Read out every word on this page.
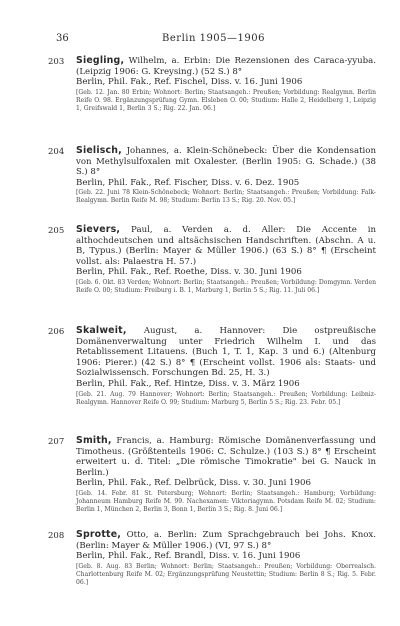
36	Berlin 1905—1906
203 Siegling, Wilhelm, a. Erbin: Die Rezensionen des Caraca-yyuba. (Leipzig 1906: G. Kreysing.) (52 S.) 8°

Berlin, Phil. Fak., Ref. Fischel, Diss. v. 16. Juni 1906

[Geb. 12. Jan. 80 Erbin; Wohnort: Berlin; Staatsangeh.: Preußen; Vorbildung: Realgymn. Berlin Reife O. 98. Ergänzungsprüfung Gymn. Elsleben O. 00; Studium: Halle 2, Heidelberg 1, Leipzig 1, Greifswald 1, Berlin 3 S.; Rig. 22. Jan. 06.]

204 Sielisch, Johannes, a. Klein-Schönebeck: Über die Kondensation von Methylsulfoxalen mit Oxalester. (Berlin 1905: G. Schade.) (38 S.) 8°

Berlin, Phil. Fak., Ref. Fischer, Diss. v. 6. Dez. 1905

[Geb. 22. Juni 78 Klein-Schönebeck; Wohnort: Berlin; Staatsangeh.: Preußen; Vorbildung: Falk-Realgymn. Berlin Reife M. 98; Studium: Berlin 13 S.; Rig. 20. Nov. 05.]

205 Sievers, Paul, a. Verden a. d. Aller: Die Accente in althochdeutschen und altsächsischen Handschriften. (Abschn. A u. B, Typus.) (Berlin: Mayer & Müller 1906.) (63 S.) 8° ¶ (Erscheint vollst. als: Palaestra H. 57.)

Berlin, Phil. Fak., Ref. Roethe, Diss. v. 30. Juni 1906

[Geb. 6. Okt. 83 Verden; Wohnort: Berlin; Staatsangeh.: Preußen; Vorbildung: Domgymn. Verden Reife O. 00; Studium: Freiburg i. B. 1, Marburg 1, Berlin 5 S.; Rig. 11. Juli 06.]

206 Skalweit, August, a. Hannover: Die ostpreußische Domänenverwaltung unter Friedrich Wilhelm I. und das Retablissement Litauens. (Buch 1, T. 1, Kap. 3 und 6.) (Altenburg 1906: Pierer.) (42 S.) 8° ¶ (Erscheint vollst. 1906 als: Staats- und Sozialwissensch. Forschungen Bd. 25, H. 3.)

Berlin, Phil. Fak., Ref. Hintze, Diss. v. 3. März 1906

[Geb. 21. Aug. 79 Hannover; Wohnort: Berlin; Staatsangeh.: Preußen; Vorbildung: Leibniz-Realgymn. Hannover Reife O. 99; Studium: Marburg 5, Berlin 5 S.; Rig. 23. Febr. 05.]

207 Smith, Francis, a. Hamburg: Römische Domänenverfassung und Timotheus. (Größtenteils 1906: C. Schulze.) (103 S.) 8° ¶ Erscheint erweitert u. d. Titel: „Die römische Timokratie" bei G. Nauck in Berlin.)

Berlin, Phil. Fak., Ref. Delbrück, Diss. v. 30. Juni 1906

[Geb. 14. Febr. 81 St. Petersburg; Wohnort: Berlin; Staatsangeh.: Hamburg; Vorbildung: Johanneum Hamburg Reife M. 99. Nachexamen: Viktoriagymn. Potsdam Reife M. 02; Studium: Berlin 1, München 2, Berlin 3, Bonn 1, Berlin 3 S.; Rig. 8. Juni 06.]

208 Sprotte, Otto, a. Berlin: Zum Sprachgebrauch bei Johs. Knox. (Berlin: Mayer & Müller 1906.) (VI, 97 S.) 8°

Berlin, Phil. Fak., Ref. Brandl, Diss. v. 16. Juni 1906

[Geb. 8. Aug. 83 Berlin; Wohnort: Berlin; Staatsangeh.: Preußen; Vorbildung: Oberrealsch. Charlottenburg Reife M. 02; Ergänzungsprüfung Neustettin; Studium: Berlin 8 S.; Rig. 5. Febr. 06.]
